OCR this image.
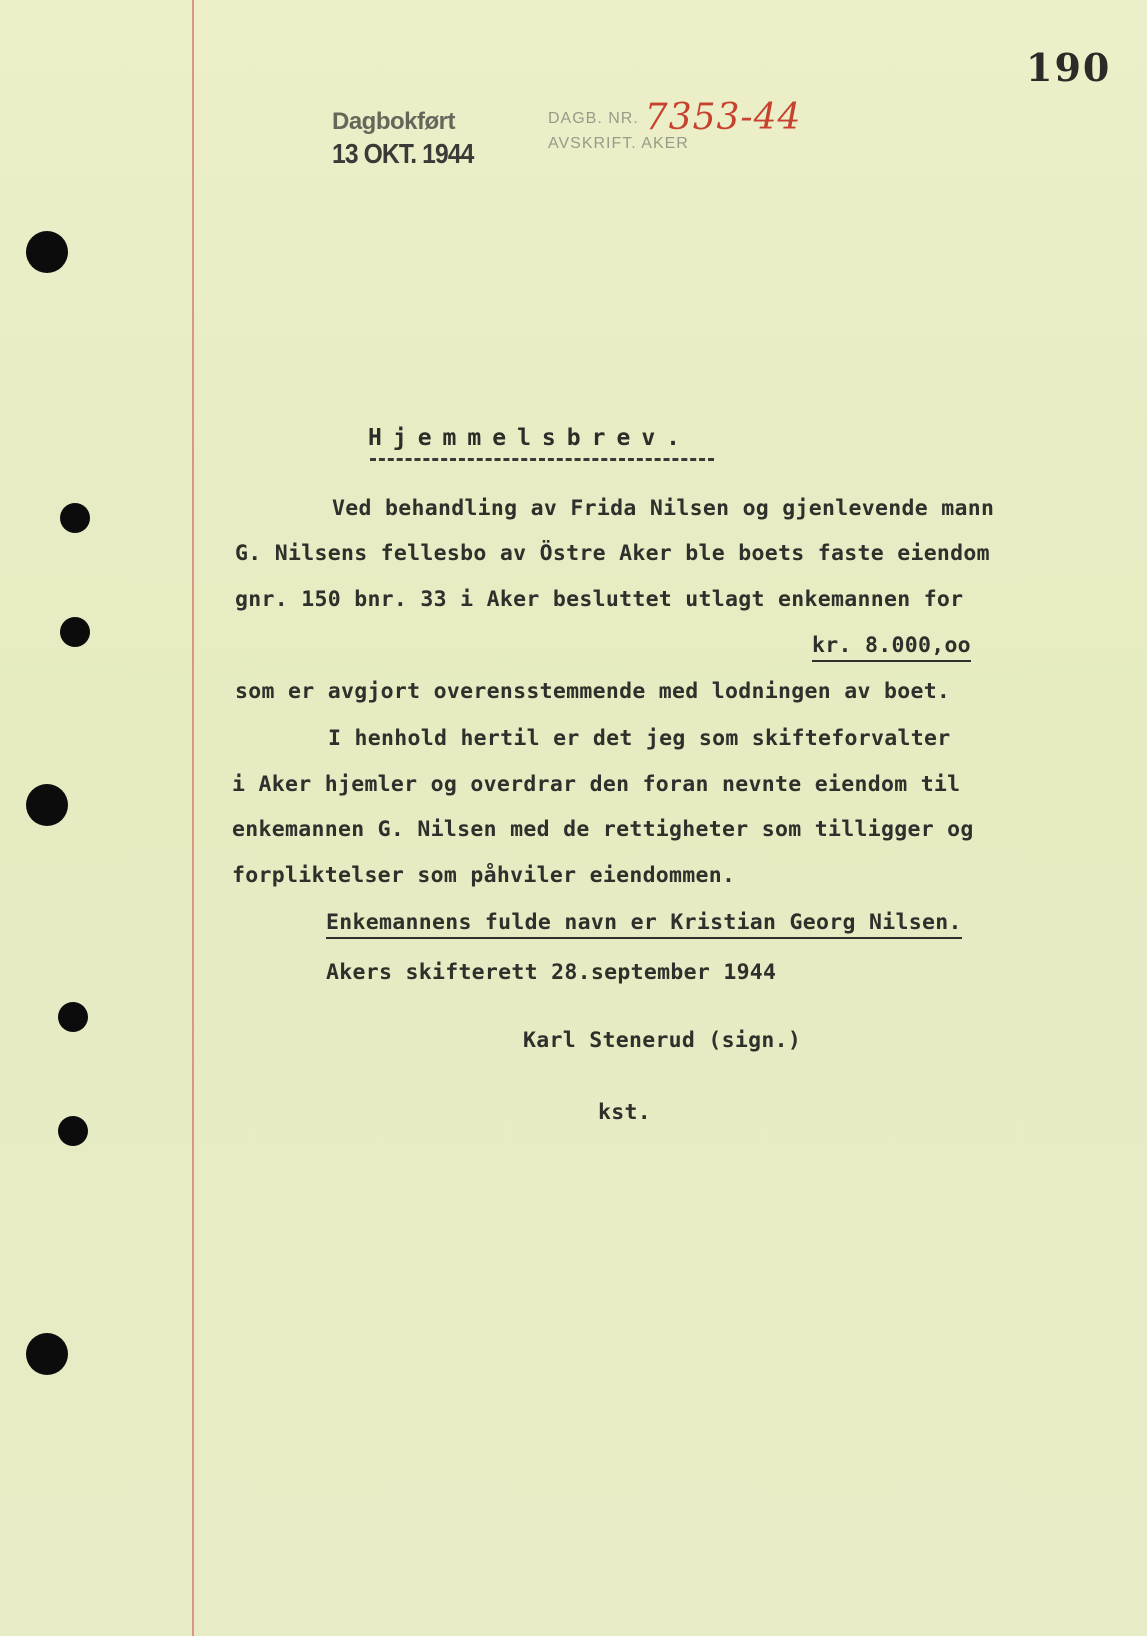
190
Dagbokført
13 OKT. 1944
DAGB. NR. 7353-44
AVSKRIFT. AKER
Hjemmelsbrev.
Ved behandling av Frida Nilsen og gjenlevende mann
G. Nilsens fellesbo av Östre Aker ble boets faste eiendom
gnr. 150 bnr. 33 i Aker besluttet utlagt enkemannen for
kr. 8.000,oo
som er avgjort overensstemmende med lodningen av boet.
I henhold hertil er det jeg som skifteforvalter
i Aker hjemler og overdrar den foran nevnte eiendom til
enkemannen G. Nilsen med de rettigheter som tilligger og
forpliktelser som påhviler eiendommen.
Enkemannens fulde navn er Kristian Georg Nilsen.
Akers skifterett 28.september 1944
Karl Stenerud (sign.)
kst.
